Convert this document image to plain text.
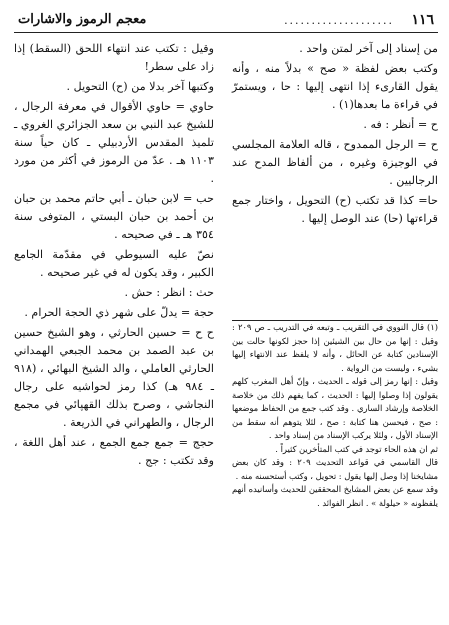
١١٦
....................
معجم الرموز والاشارات

من إسناد إلى آخر لمتن واحد .

وكتب بعض لفظة « صح » بدلاً منه ، وأنه يقول القارىء إذا انتهى إليها : حا ، ويستمرّ في قراءة ما بعدها(١) .

ح = أنظر : فه .

ح = الرجل الممدوح ، قاله العلامة المجلسي في الوجيزة وغيره ، من ألفاظ المدح عند الرجاليين .

حا= كذا قد تكتب (ح) التحويل ، واختار جمع قراءتها (حا) عند الوصل إليها .

(١) قال النووي في التقريب ـ وتبعه في التدريب ـ ص ٢٠٩ : وقيل : إنها من حال بين الشيئين إذا حجز لكونها حالت بين الإسنادين كتابة عن الحائل ، وأنه لا يلفظ عند الانتهاء إليها بشيء ، وليست من الرواية .

وقيل : إنها رمز إلى قوله ـ الحديث ، وإنّ أهل المغرب كلهم يقولون إذا وصلوا إليها : الحديث ، كما يفهم ذلك من خلاصة الخلاصة وإرشاد الساري . وقد كتب جمع من الحفاظ موضعها : صح ، فيحسن هنا كتابة : صح ، لئلا يتوهم أنه سقط من الإسناد الأول ، ولئلا يركب الإسناد من إسناد واحد .

ثم ان هذه الحاء توجد في كتب المتأخرين كثيراً .

قال القاسمي في قواعد التحديث ٢٠٩ : وقد كان بعض مشايخنا إذا وصل إليها يقول : تحويل ، وكتب أستحسنه منه .

وقد سمع عن بعض المشايخ المحققين للحديث وأسانيده أنهم يلفظونه « حيلولة » . انظر الفوائد .

وقيل : تكتب عند انتهاء اللحق (السقط) إذا زاد على سطر!

وكتبها آخر بدلا من (ح) التحويل .

حاوي = حاوي الأقوال في معرفة الرجال ، للشيخ عبد النبي بن سعد الجزائري الغروي ـ تلميذ المقدس الأردبيلي ـ كان حياً سنة ١١٠٣ هـ . عدّ من الرموز في أكثر من مورد .

حب = لابن حبان ـ أبي حاتم محمد بن حبان بن أحمد بن حبان البستي ، المتوفى سنة ٣٥٤ هـ ـ في صحيحه .

نصّ عليه السيوطي في مقدّمة الجامع الكبير ، وقد يكون له في غير صحيحه .

حث : انظر : حش .

حجة = يدلّ على شهر ذي الحجة الحرام .

ح ح = حسين الحارثي ، وهو الشيخ حسين بن عبد الصمد بن محمد الجبعي الهمداني الحارثي العاملي ، والد الشيخ البهائي ، (٩١٨ ـ ٩٨٤ هـ) كذا رمز لحواشيه على رجال النجاشي ، وصرح بذلك القهپائي في مجمع الرجال ، والطهراني في الذريعة .

حجج = جمع جمع الجمع ، عند أهل اللغة ، وقد تكتب : جج .
